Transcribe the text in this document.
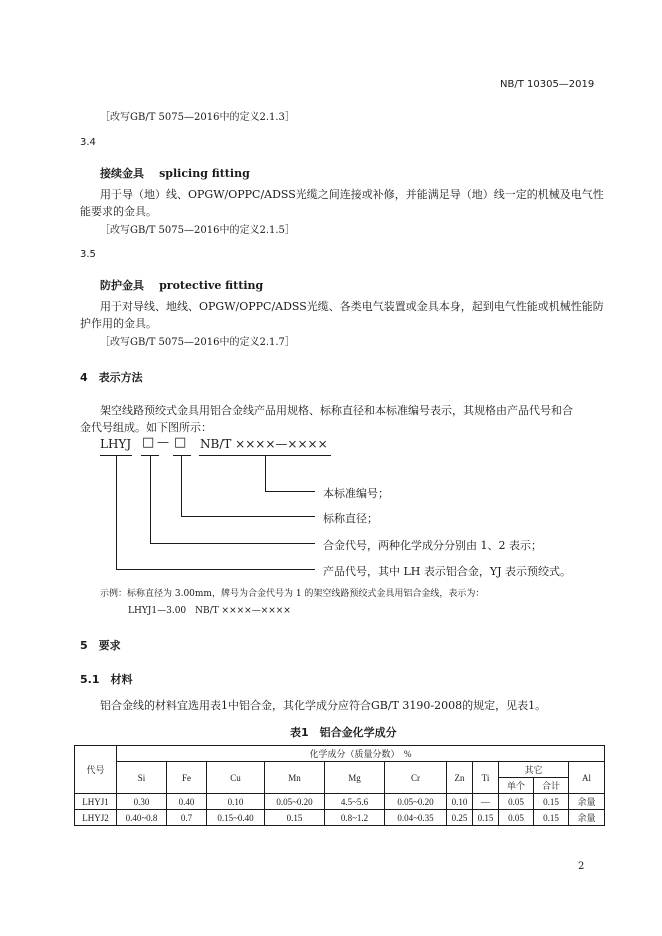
NB/T 10305—2019
［改写GB/T 5075—2016中的定义2.1.3］
3.4
接续金具 splicing fitting
用于导（地）线、OPGW/OPPC/ADSS光缆之间连接或补修，并能满足导（地）线一定的机械及电气性
能要求的金具。
［改写GB/T 5075—2016中的定义2.1.5］
3.5
防护金具 protective fitting
用于对导线、地线、OPGW/OPPC/ADSS光缆、各类电气装置或金具本身，起到电气性能或机械性能防
护作用的金具。
［改写GB/T 5075—2016中的定义2.1.7］
4　表示方法
架空线路预绞式金具用铝合金线产品用规格、标称直径和本标准编号表示，其规格由产品代号和合
金代号组成。如下图所示：
LHYJ □ — □ NB/T ××××—××××
本标准编号；
标称直径；
合金代号，两种化学成分分别由 1、2 表示；
产品代号，其中 LH 表示铝合金，YJ 表示预绞式。
示例：标称直径为 3.00mm，牌号为合金代号为 1 的架空线路预绞式金具用铝合金线，表示为：
LHYJ1—3.00　NB/T ××××—××××
5　要求
5.1　材料
铝合金线的材料宜选用表1中铝合金，其化学成分应符合GB/T 3190-2008的规定，见表1。
表1　铝合金化学成分
代号	化学成分（质量分数）　%										
	Si	Fe	Cu	Mn	Mg	Cr	Zn	Ti	其它		Al
									单个	合计	
LHYJ1	0.30	0.40	0.10	0.05~0.20	4.5~5.6	0.05~0.20	0.10	—	0.05	0.15	余量
LHYJ2	0.40~0.8	0.7	0.15~0.40	0.15	0.8~1.2	0.04~0.35	0.25	0.15	0.05	0.15	余量
2
